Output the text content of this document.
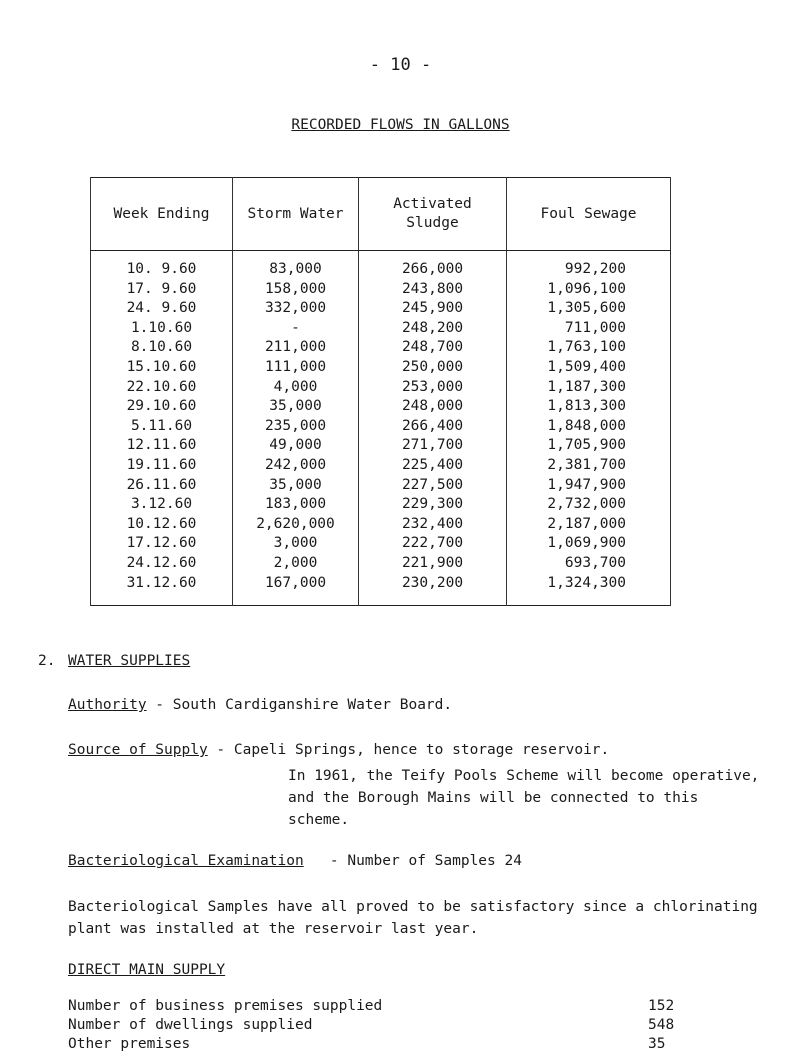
- 10 -
RECORDED FLOWS IN GALLONS
Week Ending	Storm Water	Activated Sludge	Foul Sewage
10. 9.60	83,000	266,000	992,200
17. 9.60	158,000	243,800	1,096,100
24. 9.60	332,000	245,900	1,305,600
1.10.60	-	248,200	711,000
8.10.60	211,000	248,700	1,763,100
15.10.60	111,000	250,000	1,509,400
22.10.60	4,000	253,000	1,187,300
29.10.60	35,000	248,000	1,813,300
5.11.60	235,000	266,400	1,848,000
12.11.60	49,000	271,700	1,705,900
19.11.60	242,000	225,400	2,381,700
26.11.60	35,000	227,500	1,947,900
3.12.60	183,000	229,300	2,732,000
10.12.60	2,620,000	232,400	2,187,000
17.12.60	3,000	222,700	1,069,900
24.12.60	2,000	221,900	693,700
31.12.60	167,000	230,200	1,324,300
2. WATER SUPPLIES
Authority - South Cardiganshire Water Board.
Source of Supply - Capeli Springs, hence to storage reservoir.
In 1961, the Teify Pools Scheme will become operative, and the Borough Mains will be connected to this scheme.
Bacteriological Examination   - Number of Samples 24
Bacteriological Samples have all proved to be satisfactory since a chlorinating plant was installed at the reservoir last year.
DIRECT MAIN SUPPLY
Number of business premises supplied	152
Number of dwellings supplied	548
Other premises	35
